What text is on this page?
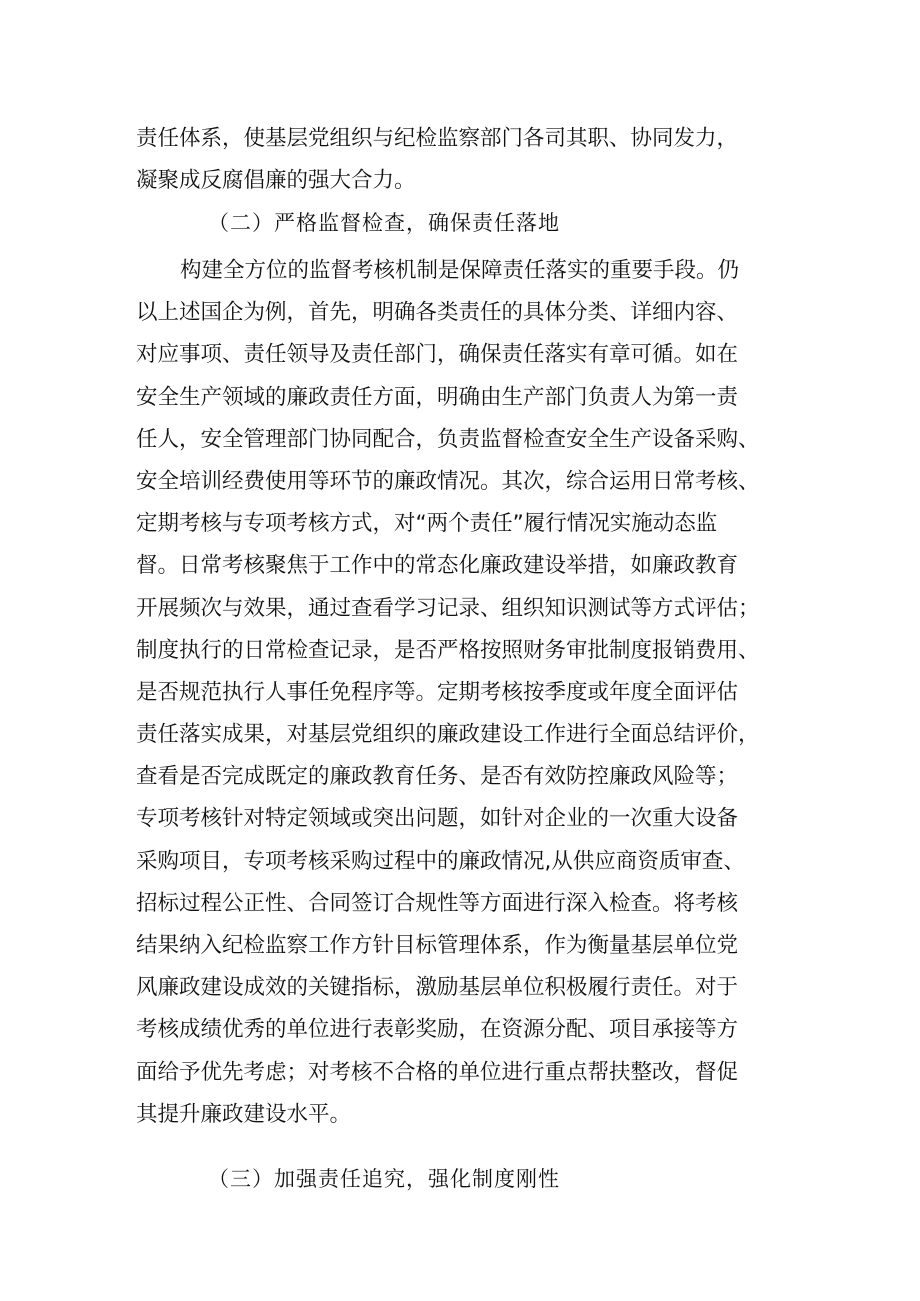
责任体系，使基层党组织与纪检监察部门各司其职、协同发力，
凝聚成反腐倡廉的强大合力。
（二）严格监督检查，确保责任落地
构建全方位的监督考核机制是保障责任落实的重要手段。仍
以上述国企为例，首先，明确各类责任的具体分类、详细内容、
对应事项、责任领导及责任部门，确保责任落实有章可循。如在
安全生产领域的廉政责任方面，明确由生产部门负责人为第一责
任人，安全管理部门协同配合，负责监督检查安全生产设备采购、
安全培训经费使用等环节的廉政情况。其次，综合运用日常考核、
定期考核与专项考核方式，对“两个责任”履行情况实施动态监
督。日常考核聚焦于工作中的常态化廉政建设举措，如廉政教育
开展频次与效果，通过查看学习记录、组织知识测试等方式评估；
制度执行的日常检查记录，是否严格按照财务审批制度报销费用、
是否规范执行人事任免程序等。定期考核按季度或年度全面评估
责任落实成果，对基层党组织的廉政建设工作进行全面总结评价，
查看是否完成既定的廉政教育任务、是否有效防控廉政风险等；
专项考核针对特定领域或突出问题，如针对企业的一次重大设备
采购项目，专项考核采购过程中的廉政情况,从供应商资质审查、
招标过程公正性、合同签订合规性等方面进行深入检查。将考核
结果纳入纪检监察工作方针目标管理体系，作为衡量基层单位党
风廉政建设成效的关键指标，激励基层单位积极履行责任。对于
考核成绩优秀的单位进行表彰奖励，在资源分配、项目承接等方
面给予优先考虑；对考核不合格的单位进行重点帮扶整改，督促
其提升廉政建设水平。
（三）加强责任追究，强化制度刚性
